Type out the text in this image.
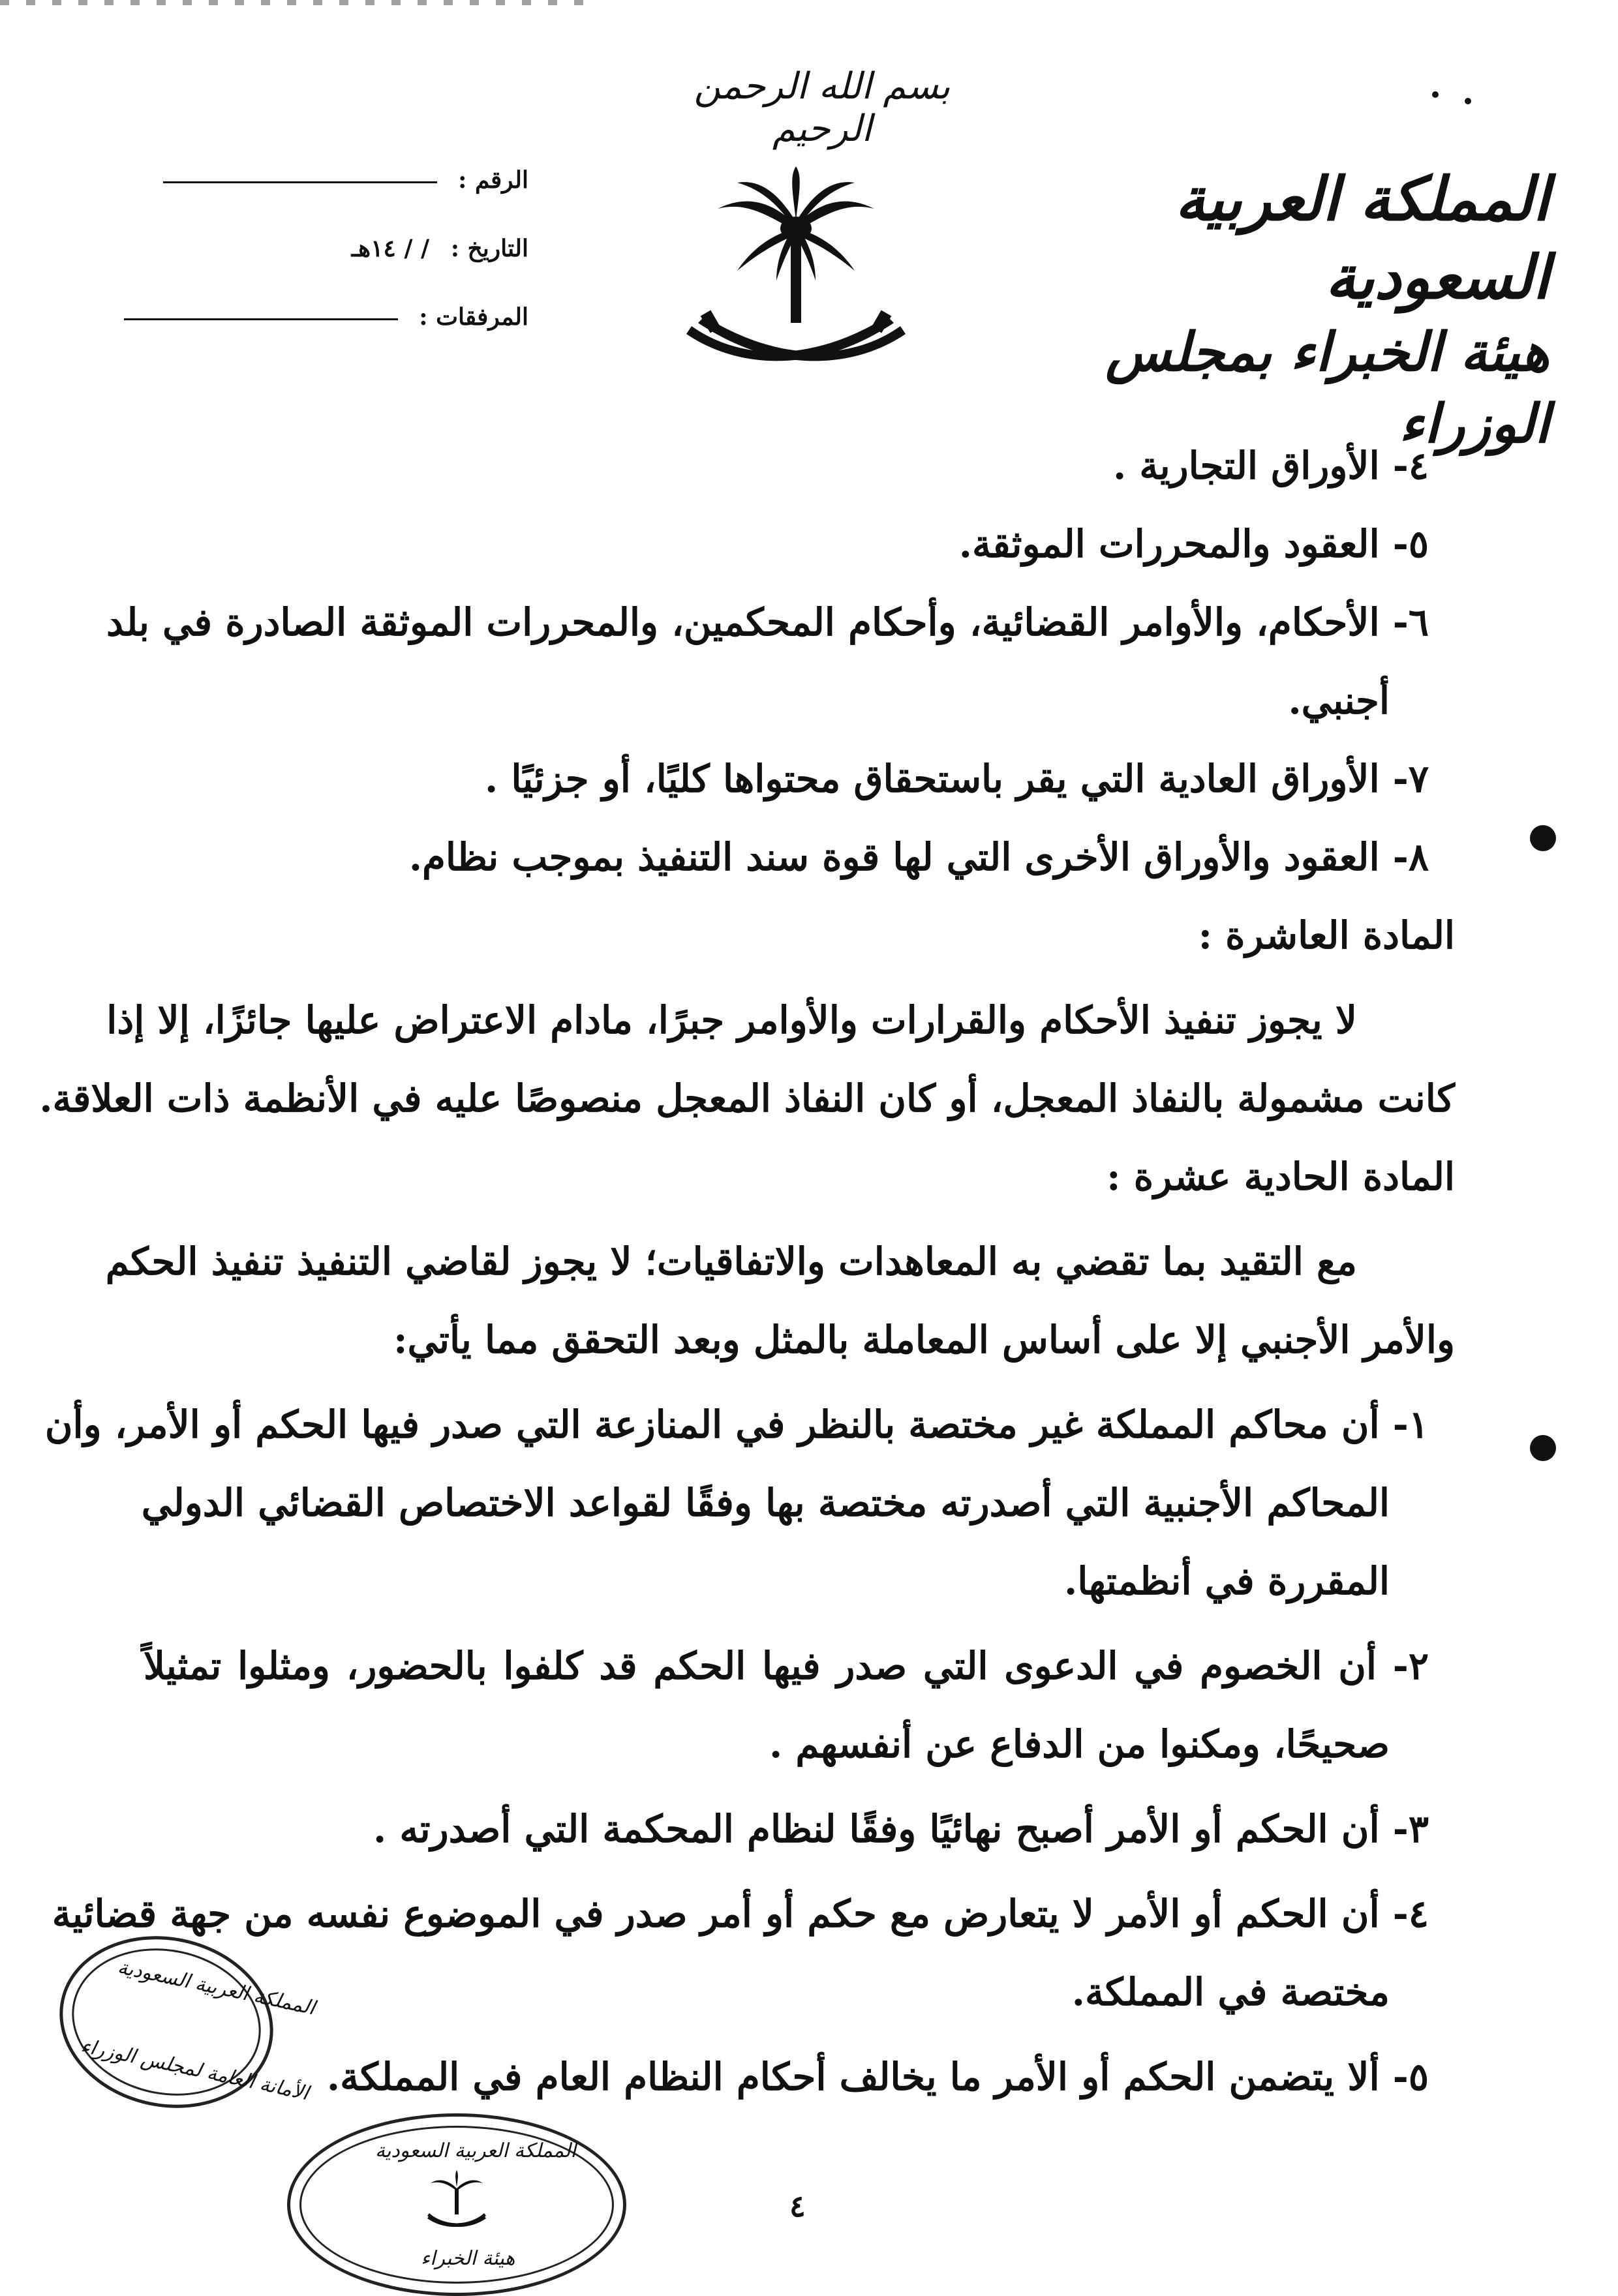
بسم الله الرحمن الرحيم
المملكة العربية السعودية
هيئة الخبراء بمجلس الوزراء
الرقم :
التاريخ : / / ١٤هـ
المرفقات :
٤- الأوراق التجارية .
٥- العقود والمحررات الموثقة.
٦- الأحكام، والأوامر القضائية، وأحكام المحكمين، والمحررات الموثقة الصادرة في بلد
أجنبي.
٧- الأوراق العادية التي يقر باستحقاق محتواها كليًا، أو جزئيًا .
٨- العقود والأوراق الأخرى التي لها قوة سند التنفيذ بموجب نظام.
المادة العاشرة :
لا يجوز تنفيذ الأحكام والقرارات والأوامر جبرًا، مادام الاعتراض عليها جائزًا، إلا إذا
كانت مشمولة بالنفاذ المعجل، أو كان النفاذ المعجل منصوصًا عليه في الأنظمة ذات العلاقة.
المادة الحادية عشرة :
مع التقيد بما تقضي به المعاهدات والاتفاقيات؛ لا يجوز لقاضي التنفيذ تنفيذ الحكم
والأمر الأجنبي إلا على أساس المعاملة بالمثل وبعد التحقق مما يأتي:
١- أن محاكم المملكة غير مختصة بالنظر في المنازعة التي صدر فيها الحكم أو الأمر، وأن
المحاكم الأجنبية التي أصدرته مختصة بها وفقًا لقواعد الاختصاص القضائي الدولي
المقررة في أنظمتها.
٢- أن الخصوم في الدعوى التي صدر فيها الحكم قد كلفوا بالحضور، ومثلوا تمثيلاً
صحيحًا، ومكنوا من الدفاع عن أنفسهم .
٣- أن الحكم أو الأمر أصبح نهائيًا وفقًا لنظام المحكمة التي أصدرته .
٤- أن الحكم أو الأمر لا يتعارض مع حكم أو أمر صدر في الموضوع نفسه من جهة قضائية
مختصة في المملكة.
٥- ألا يتضمن الحكم أو الأمر ما يخالف أحكام النظام العام في المملكة.
المملكة العربية السعودية
الأمانة العامة لمجلس الوزراء
المملكة العربية السعودية
هيئة الخبراء
٤
